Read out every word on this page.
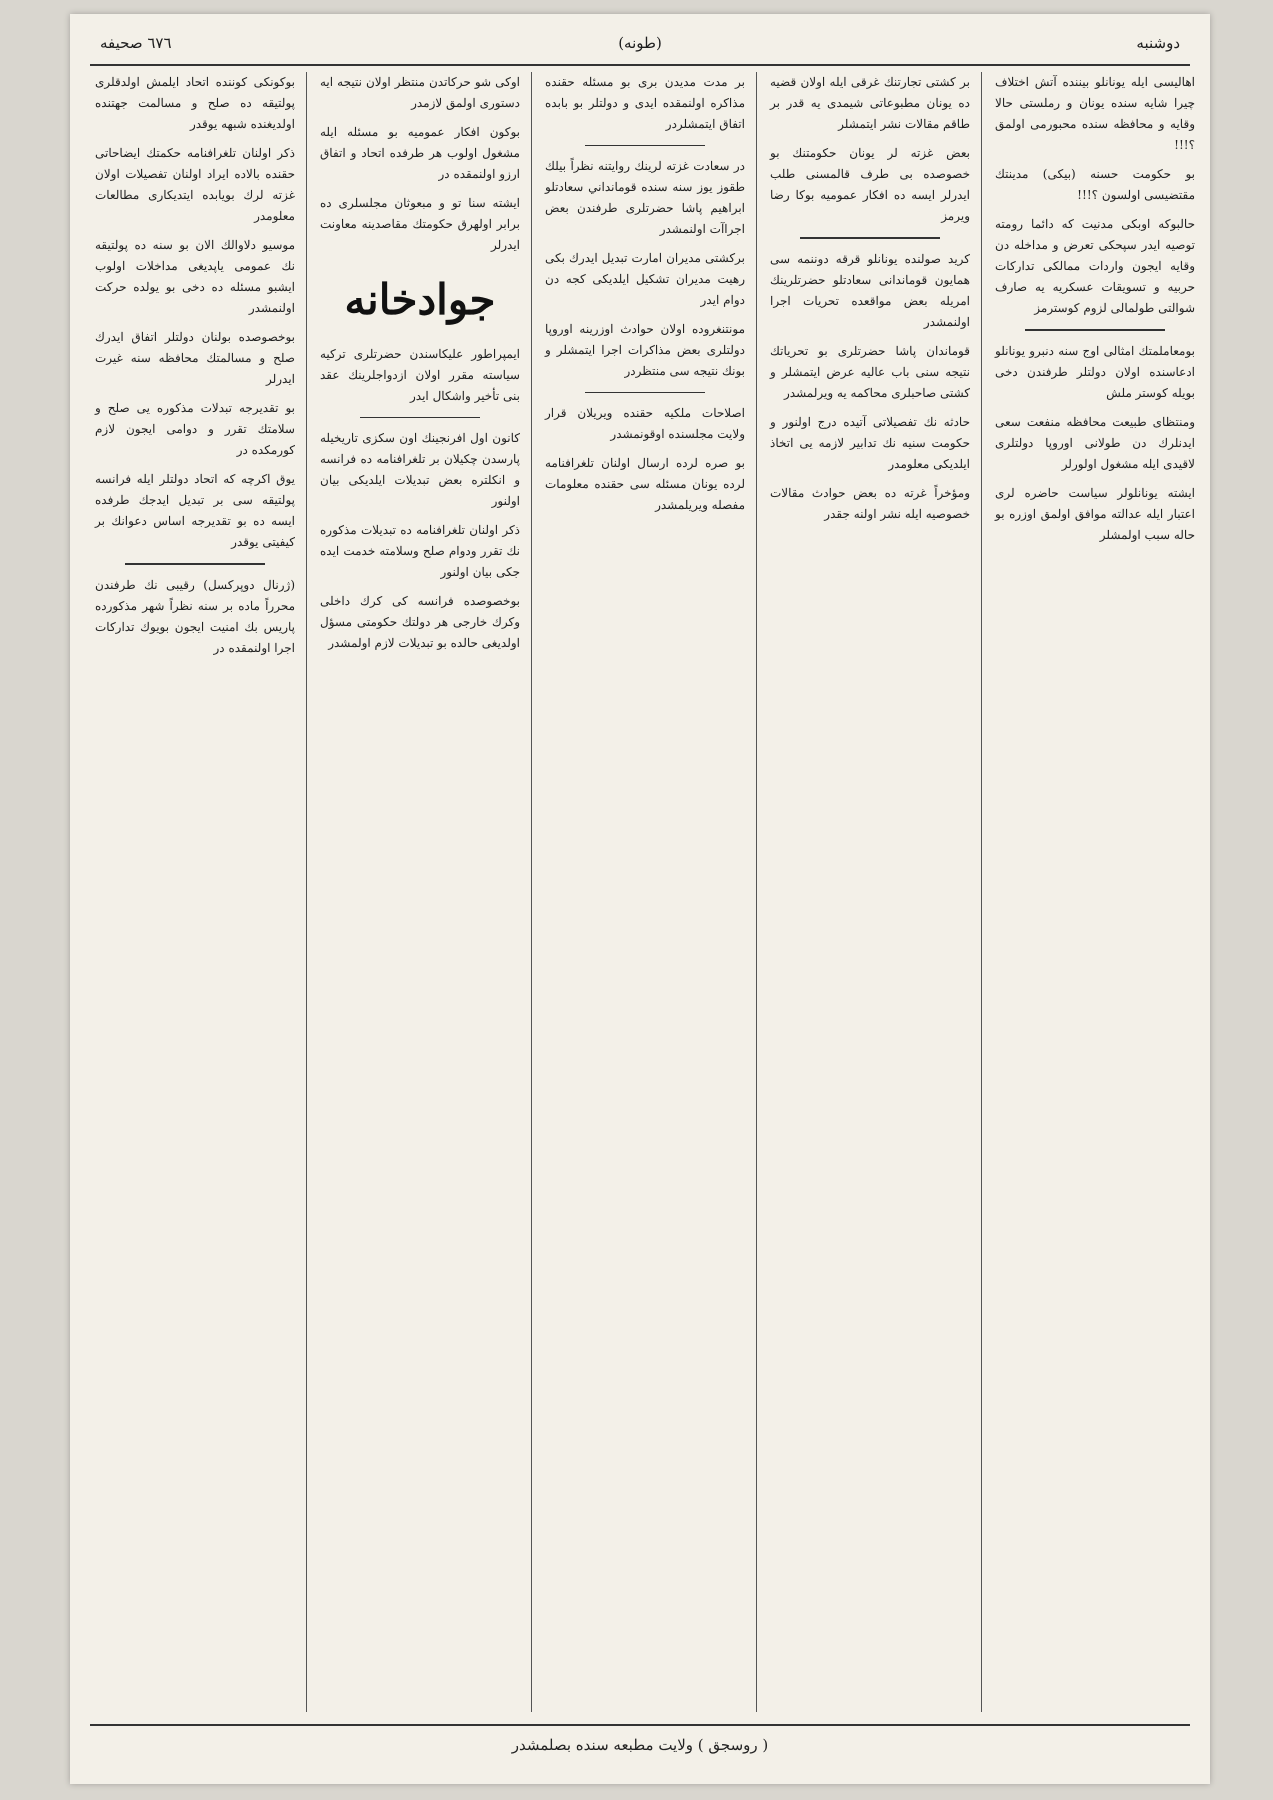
دوشنبه
(طونه)
٦٧٦ صحيفه

اهاليسى ايله يونانلو بيننده آتش اختلاف چيرا شايه سنده يونان و رملستى حالا وقايه و محافظه سنده محبورمى اولمق ؟!!!

بو حكومت حسنه (بيكى) مدينتك مقتضيسى اولسون ؟!!!

حالبوكه اوبكى مدنيت كه دائما رومته توصيه ايدر سپحكى تعرض و مداخله دن وقايه ايجون واردات ممالكى تداركات حربيه و تسويقات عسكريه يه صارف شوالتى طولمالى لزوم كوسترمز

بومعاملمتك امثالى اوج سنه دنبرو يونانلو ادعاسنده اولان دولتلر طرفندن دخى بويله كوستر ملش

ومنتظاى طبيعت محافظه منفعت سعى ايدنلرك دن طولانى اوروپا دولتلرى لاقيدى ايله مشغول اولورلر

ايشته يونانلولر سياست حاضره لرى اعتبار ايله عدالته موافق اولمق اوزره بو حاله سبب اولمشلر

بر كشتى تجارتنك غرقى ايله اولان قضيه ده يونان مطبوعاتى شيمدى يه قدر بر طاقم مقالات نشر ايتمشلر

بعض غزته لر يونان حكومتنك بو خصوصده بى طرف قالمسنى طلب ايدرلر ايسه ده افكار عموميه بوكا رضا ويرمز

كريد صولنده يونانلو قرقه دوننمه سى همايون قوماندانى سعادتلو حضرتلرينك امريله بعض مواقعده تحريات اجرا اولنمشدر

قوماندان پاشا حضرتلرى بو تحرياتك نتيجه سنى باب عاليه عرض ايتمشلر و كشتى صاحبلرى محاكمه يه ويرلمشدر

حادثه نك تفصيلاتى آتيده درج اولنور و حكومت سنيه نك تدابير لازمه يى اتخاذ ايلديكى معلومدر

ومؤخراً غرته ده بعض حوادث مقالات خصوصيه ايله نشر اولنه جقدر

بر مدت مدیدن برى بو مسئله حقنده مذاكره اولنمقده ايدى و دولتلر بو بابده اتفاق ايتمشلردر

در سعادت غزته لرينك روايتنه نظراً بيلك طقوز يوز سنه سنده قومانداني سعادتلو ابراهيم پاشا حضرتلرى طرفندن بعض اجراآت اولنمشدر

بركشتى مديران امارت تبديل ايدرك بكى رهيت مديران تشكيل ايلديكى كجه دن دوام ايدر

مونتنغروده اولان حوادث اوزرينه اوروپا دولتلرى بعض مذاكرات اجرا ايتمشلر و بونك نتيجه سى منتظردر

اصلاحات ملكيه حقنده ويريلان قرار ولايت مجلسنده اوقونمشدر

بو صره لرده ارسال اولنان تلغرافنامه لرده يونان مسئله سى حقنده معلومات مفصله ويريلمشدر

اوكى شو حركاتدن منتظر اولان نتيجه ايه دستورى اولمق لازمدر

بوكون افكار عموميه بو مسئله ايله مشغول اولوب هر طرفده اتحاد و اتفاق ارزو اولنمقده در

ايشته سنا تو و مبعوثان مجلسلرى ده برابر اولهرق حكومتك مقاصدينه معاونت ايدرلر

جوادخانه

ايمپراطور عليكاسندن حضرتلرى تركيه سياسته مقرر اولان ازدواجلرينك عقد بنى تأخير واشكال ايدر

كانون اول افرنجينك اون سكزى تاريخيله پارسدن چكيلان بر تلغرافنامه ده فرانسه و انكلتره بعض تبديلات ايلديكى بيان اولنور

ذكر اولنان تلغرافنامه ده تبديلات مذكوره نك تقرر ودوام صلح وسلامته خدمت ايده جكى بيان اولنور

بوخصوصده فرانسه كى كرك داخلى وكرك خارجى هر دولتك حكومتى مسؤل اولديغى حالده بو تبديلات لازم اولمشدر

بوكونكى كوننده اتحاد ايلمش اولدقلرى پولتيقه ده صلح و مسالمت جهتنده اولديغنده شبهه يوقدر

ذكر اولنان تلغرافنامه حكمتك ايضاحاتى حقنده بالاده ايراد اولنان تفصيلات اولان غزته لرك بويابده ايتديكارى مطالعات معلومدر

موسيو دلاوالك الان بو سنه ده پولتيقه نك عمومى ياپديغى مداخلات اولوب ايشبو مسئله ده دخى بو يولده حركت اولنمشدر

بوخصوصده بولنان دولتلر اتفاق ايدرك صلح و مسالمتك محافظه سنه غيرت ايدرلر

بو تقديرجه تبدلات مذكوره يى صلح و سلامتك تقرر و دوامى ايجون لازم كورمكده در

يوق اكرچه كه اتحاد دولتلر ايله فرانسه پولتيقه سى بر تبديل ايدجك طرفده ايسه ده بو تقديرجه اساس دعوانك بر كيفيتى يوقدر

(ژرنال دوپركسل) رقيبى نك طرفندن محرراً ماده بر سنه نظراً شهر مذكورده پاريس بك امنيت ايجون بويوك تداركات اجرا اولنمقده در

( روسجق ) ولايت مطبعه سنده بصلمشدر
